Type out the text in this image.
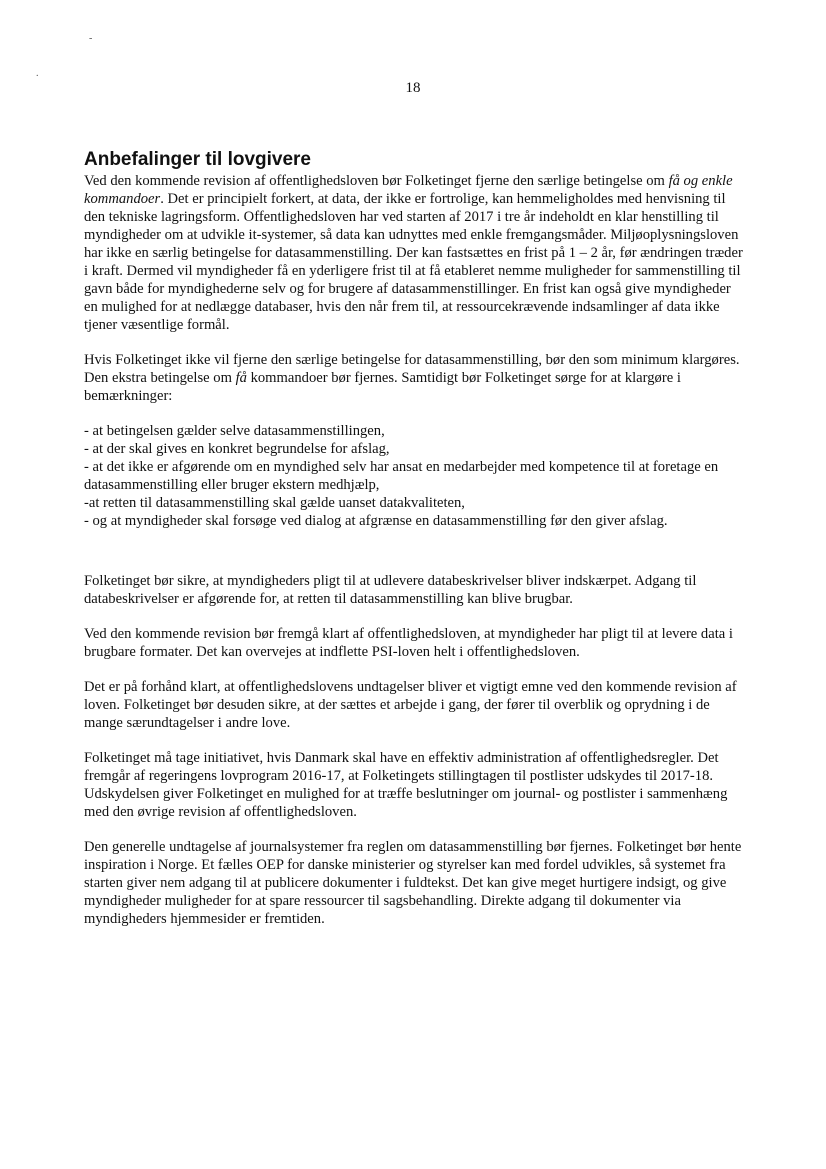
-
.
18
Anbefalinger til lovgivere

Ved den kommende revision af offentlighedsloven bør Folketinget fjerne den særlige betingelse om få og enkle kommandoer. Det er principielt forkert, at data, der ikke er fortrolige, kan hemmeligholdes med henvisning til den tekniske lagringsform. Offentlighedsloven har ved starten af 2017 i tre år indeholdt en klar henstilling til myndigheder om at udvikle it-systemer, så data kan udnyttes med enkle fremgangsmåder. Miljøoplysningsloven har ikke en særlig betingelse for datasammenstilling. Der kan fastsættes en frist på 1 – 2 år, før ændringen træder i kraft. Dermed vil myndigheder få en yderligere frist til at få etableret nemme muligheder for sammenstilling til gavn både for myndighederne selv og for brugere af datasammenstillinger. En frist kan også give myndigheder en mulighed for at nedlægge databaser, hvis den når frem til, at ressourcekrævende indsamlinger af data ikke tjener væsentlige formål.

Hvis Folketinget ikke vil fjerne den særlige betingelse for datasammenstilling, bør den som minimum klargøres. Den ekstra betingelse om få kommandoer bør fjernes. Samtidigt bør Folketinget sørge for at klargøre i bemærkninger:

- at betingelsen gælder selve datasammenstillingen,
- at der skal gives en konkret begrundelse for afslag,
- at det ikke er afgørende om en myndighed selv har ansat en medarbejder med kompetence til at foretage en datasammenstilling eller bruger ekstern medhjælp,
-at retten til datasammenstilling skal gælde uanset datakvaliteten,
- og at myndigheder skal forsøge ved dialog at afgrænse en datasammenstilling før den giver afslag.

Folketinget bør sikre, at myndigheders pligt til at udlevere databeskrivelser bliver indskærpet. Adgang til databeskrivelser er afgørende for, at retten til datasammenstilling kan blive brugbar.

Ved den kommende revision bør fremgå klart af offentlighedsloven, at myndigheder har pligt til at levere data i brugbare formater. Det kan overvejes at indflette PSI-loven helt i offentlighedsloven.

Det er på forhånd klart, at offentlighedslovens undtagelser bliver et vigtigt emne ved den kommende revision af loven. Folketinget bør desuden sikre, at der sættes et arbejde i gang, der fører til overblik og oprydning i de mange særundtagelser i andre love.

Folketinget må tage initiativet, hvis Danmark skal have en effektiv administration af offentlighedsregler. Det fremgår af regeringens lovprogram 2016-17, at Folketingets stillingtagen til postlister udskydes til 2017-18. Udskydelsen giver Folketinget en mulighed for at træffe beslutninger om journal- og postlister i sammenhæng med den øvrige revision af offentlighedsloven.

Den generelle undtagelse af journalsystemer fra reglen om datasammenstilling bør fjernes. Folketinget bør hente inspiration i Norge. Et fælles OEP for danske ministerier og styrelser kan med fordel udvikles, så systemet fra starten giver nem adgang til at publicere dokumenter i fuldtekst. Det kan give meget hurtigere indsigt, og give myndigheder muligheder for at spare ressourcer til sagsbehandling. Direkte adgang til dokumenter via myndigheders hjemmesider er fremtiden.
